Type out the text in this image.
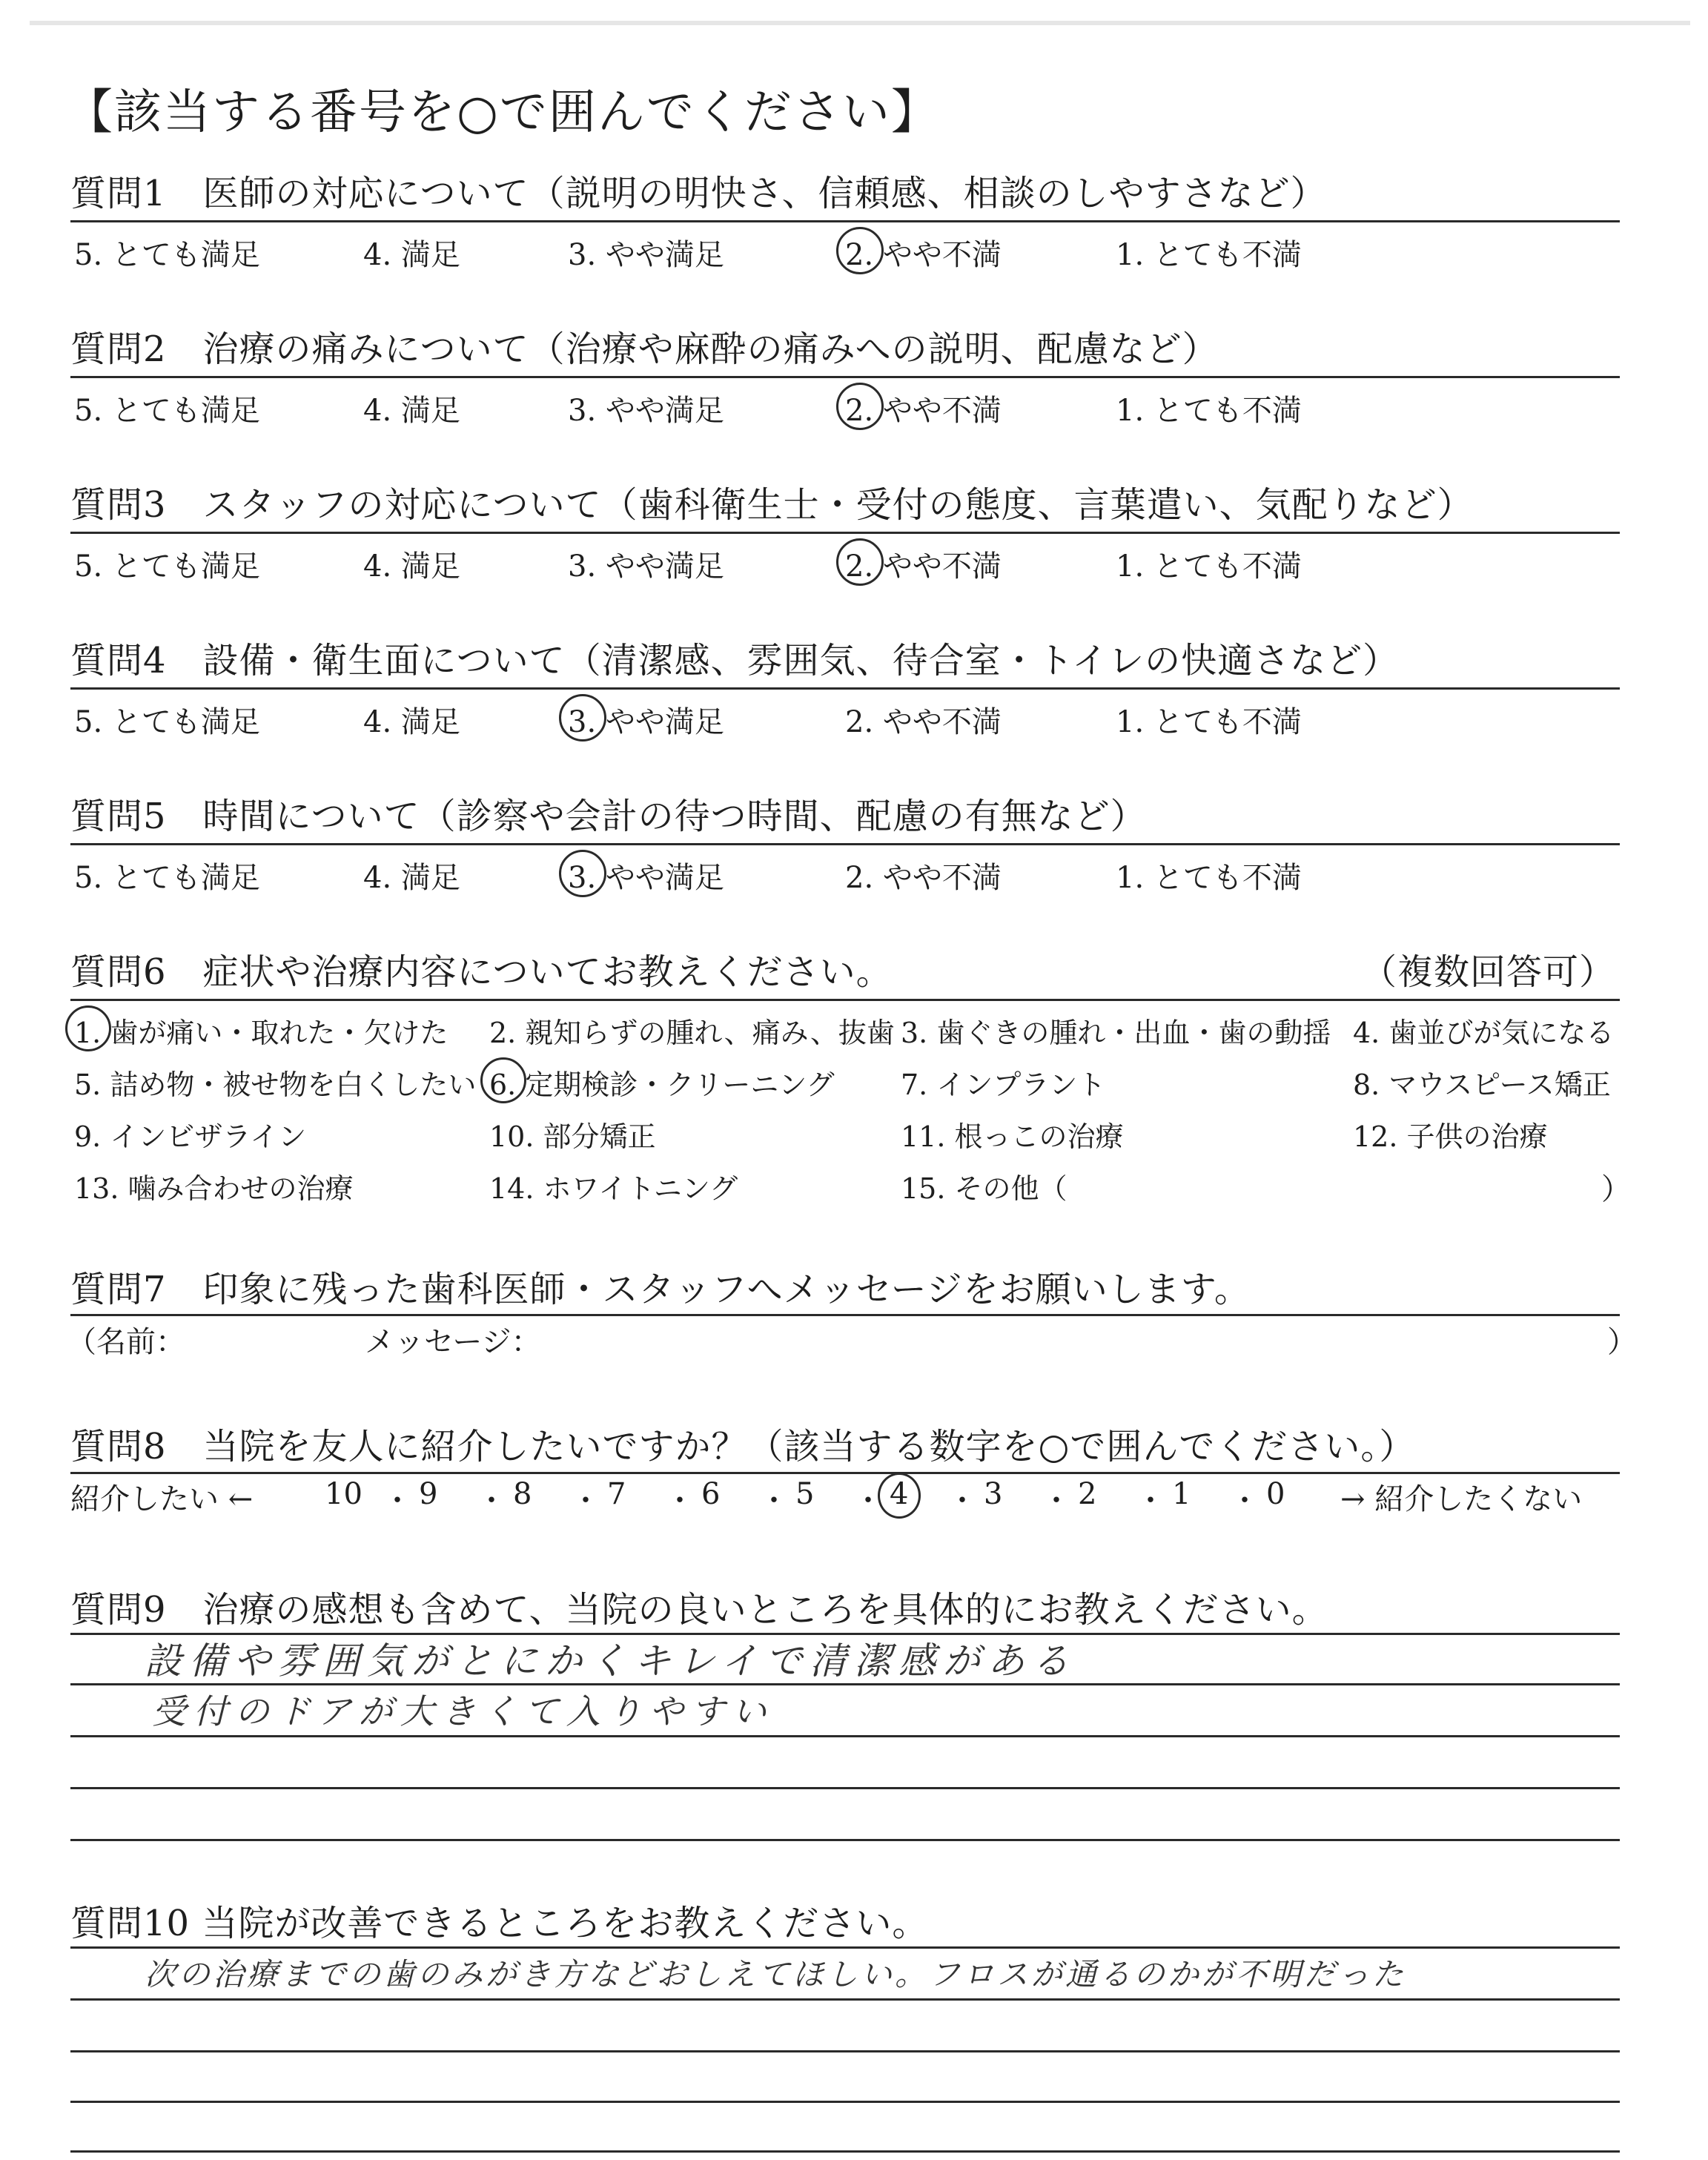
【該当する番号を○で囲んでください】
質問1　医師の対応について（説明の明快さ、信頼感、相談のしやすさなど）
質問2　治療の痛みについて（治療や麻酔の痛みへの説明、配慮など）
質問3　スタッフの対応について（歯科衛生士・受付の態度、言葉遣い、気配りなど）
質問4　設備・衛生面について（清潔感、雰囲気、待合室・トイレの快適さなど）
質問5　時間について（診察や会計の待つ時間、配慮の有無など）
質問6　症状や治療内容についてお教えください。	（複数回答可）
質問7　印象に残った歯科医師・スタッフへメッセージをお願いします。
（名前：	メッセージ：	）
質問8　当院を友人に紹介したいですか？（該当する数字を○で囲んでください。）
紹介したい ←	→ 紹介したくない
質問9　治療の感想も含めて、当院の良いところを具体的にお教えください。
設備や雰囲気がとにかくキレイで清潔感がある
受付のドアが大きくて入りやすい
質問10 当院が改善できるところをお教えください。
次の治療までの歯のみがき方などおしえてほしい。フロスが通るのかが不明だった
5. とても満足	4. 満足	3. やや満足	2. やや不満	1. とても不満
5. とても満足	4. 満足	3. やや満足	2. やや不満	1. とても不満
5. とても満足	4. 満足	3. やや満足	2. やや不満	1. とても不満
5. とても満足	4. 満足	3. やや満足	2. やや不満	1. とても不満
5. とても満足	4. 満足	3. やや満足	2. やや不満	1. とても不満
1. 歯が痛い・取れた・欠けた 2. 親知らずの腫れ、痛み、抜歯 3. 歯ぐきの腫れ・出血・歯の動揺 4. 歯並びが気になる
5. 詰め物・被せ物を白くしたい 6. 定期検診・クリーニング 7. インプラント	8. マウスピース矯正
9. インビザライン	10. 部分矯正	11. 根っこの治療	12. 子供の治療
13. 噛み合わせの治療	14. ホワイトニング	15. その他（	）
10 ・ 9 ・ 8 ・ 7 ・ 6 ・ 5 ・ 4 ・ 3 ・ 2 ・ 1 ・ 0
